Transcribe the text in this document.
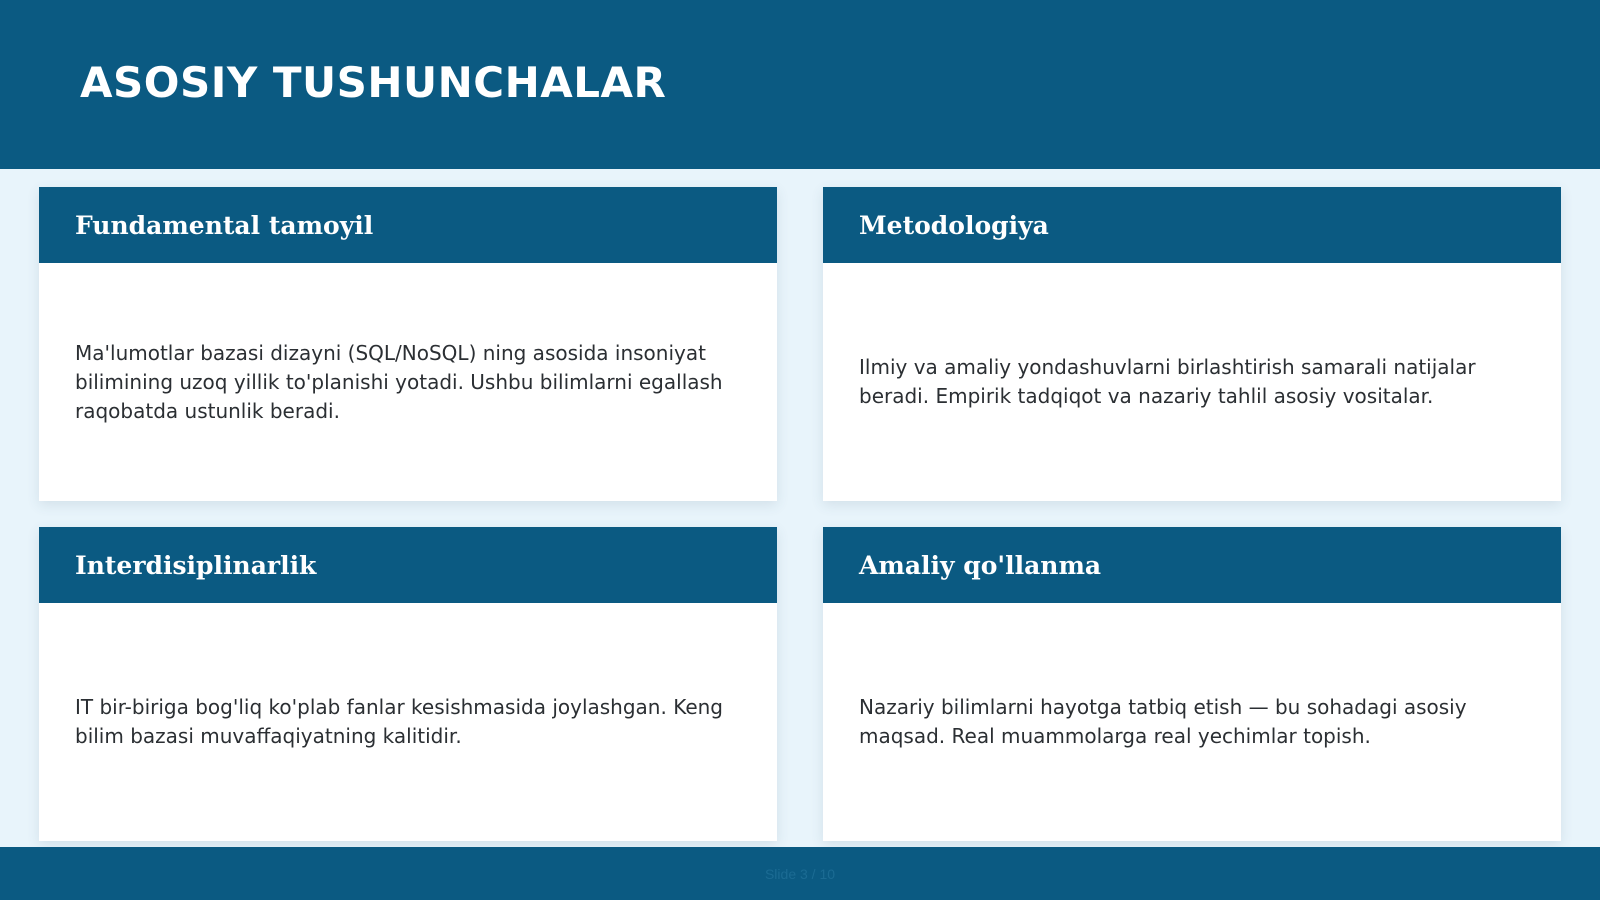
ASOSIY TUSHUNCHALAR
Fundamental tamoyil

Ma'lumotlar bazasi dizayni (SQL/NoSQL) ning asosida insoniyat bilimining uzoq yillik to'planishi yotadi. Ushbu bilimlarni egallash raqobatda ustunlik beradi.

Metodologiya

Ilmiy va amaliy yondashuvlarni birlashtirish samarali natijalar beradi. Empirik tadqiqot va nazariy tahlil asosiy vositalar.

Interdisiplinarlik

IT bir-biriga bog'liq ko'plab fanlar kesishmasida joylashgan. Keng bilim bazasi muvaffaqiyatning kalitidir.

Amaliy qo'llanma

Nazariy bilimlarni hayotga tatbiq etish — bu sohadagi asosiy maqsad. Real muammolarga real yechimlar topish.

Slide 3 / 10
